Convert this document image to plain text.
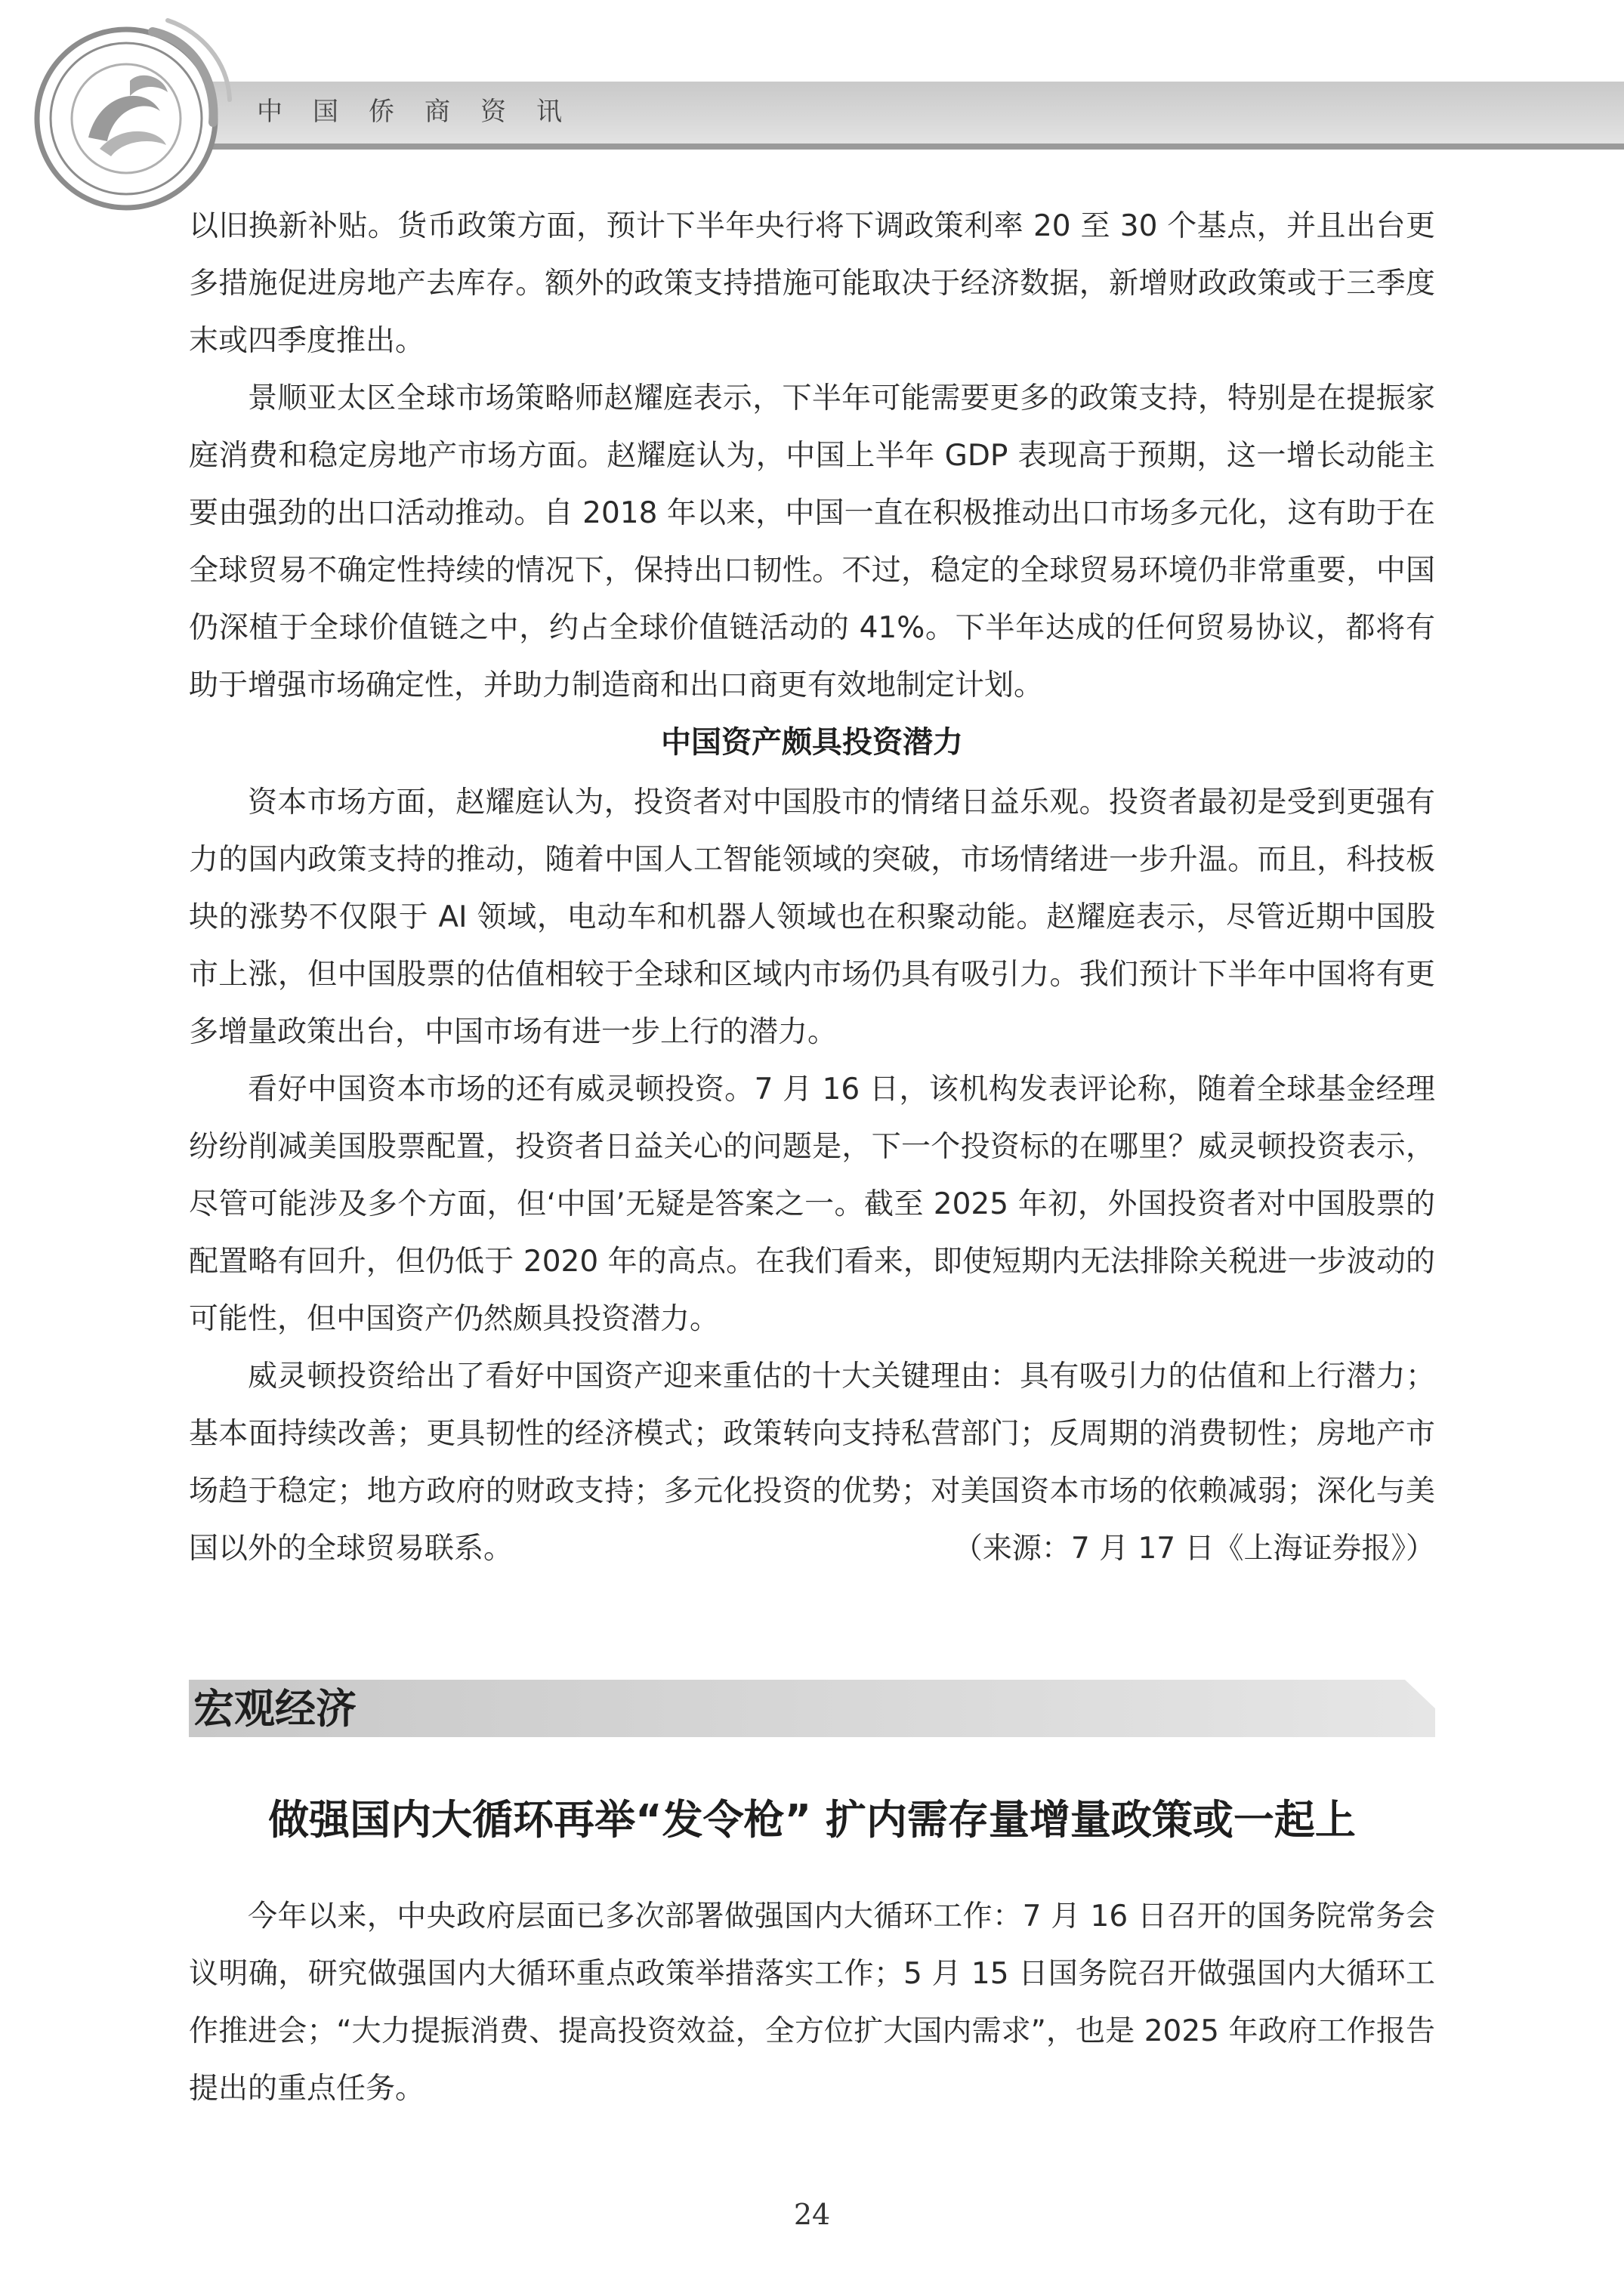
中国侨商资讯

以旧换新补贴。货币政策方面，预计下半年央行将下调政策利率 20 至 30 个基点，并且出台更多措施促进房地产去库存。额外的政策支持措施可能取决于经济数据，新增财政政策或于三季度末或四季度推出。

景顺亚太区全球市场策略师赵耀庭表示，下半年可能需要更多的政策支持，特别是在提振家庭消费和稳定房地产市场方面。赵耀庭认为，中国上半年 GDP 表现高于预期，这一增长动能主要由强劲的出口活动推动。自 2018 年以来，中国一直在积极推动出口市场多元化，这有助于在全球贸易不确定性持续的情况下，保持出口韧性。不过，稳定的全球贸易环境仍非常重要，中国仍深植于全球价值链之中，约占全球价值链活动的 41%。下半年达成的任何贸易协议，都将有助于增强市场确定性，并助力制造商和出口商更有效地制定计划。

中国资产颇具投资潜力

资本市场方面，赵耀庭认为，投资者对中国股市的情绪日益乐观。投资者最初是受到更强有力的国内政策支持的推动，随着中国人工智能领域的突破，市场情绪进一步升温。而且，科技板块的涨势不仅限于 AI 领域，电动车和机器人领域也在积聚动能。赵耀庭表示，尽管近期中国股市上涨，但中国股票的估值相较于全球和区域内市场仍具有吸引力。我们预计下半年中国将有更多增量政策出台，中国市场有进一步上行的潜力。

看好中国资本市场的还有威灵顿投资。7 月 16 日，该机构发表评论称，随着全球基金经理纷纷削减美国股票配置，投资者日益关心的问题是，下一个投资标的在哪里？威灵顿投资表示，尽管可能涉及多个方面，但‘中国’无疑是答案之一。截至 2025 年初，外国投资者对中国股票的配置略有回升，但仍低于 2020 年的高点。在我们看来，即使短期内无法排除关税进一步波动的可能性，但中国资产仍然颇具投资潜力。

威灵顿投资给出了看好中国资产迎来重估的十大关键理由：具有吸引力的估值和上行潜力；基本面持续改善；更具韧性的经济模式；政策转向支持私营部门；反周期的消费韧性；房地产市场趋于稳定；地方政府的财政支持；多元化投资的优势；对美国资本市场的依赖减弱；深化与美国以外的全球贸易联系。	（来源：7 月 17 日《上海证券报》）
宏观经济
做强国内大循环再举“发令枪” 扩内需存量增量政策或一起上

今年以来，中央政府层面已多次部署做强国内大循环工作：7 月 16 日召开的国务院常务会议明确，研究做强国内大循环重点政策举措落实工作；5 月 15 日国务院召开做强国内大循环工作推进会；“大力提振消费、提高投资效益，全方位扩大国内需求”，也是 2025 年政府工作报告提出的重点任务。

24
